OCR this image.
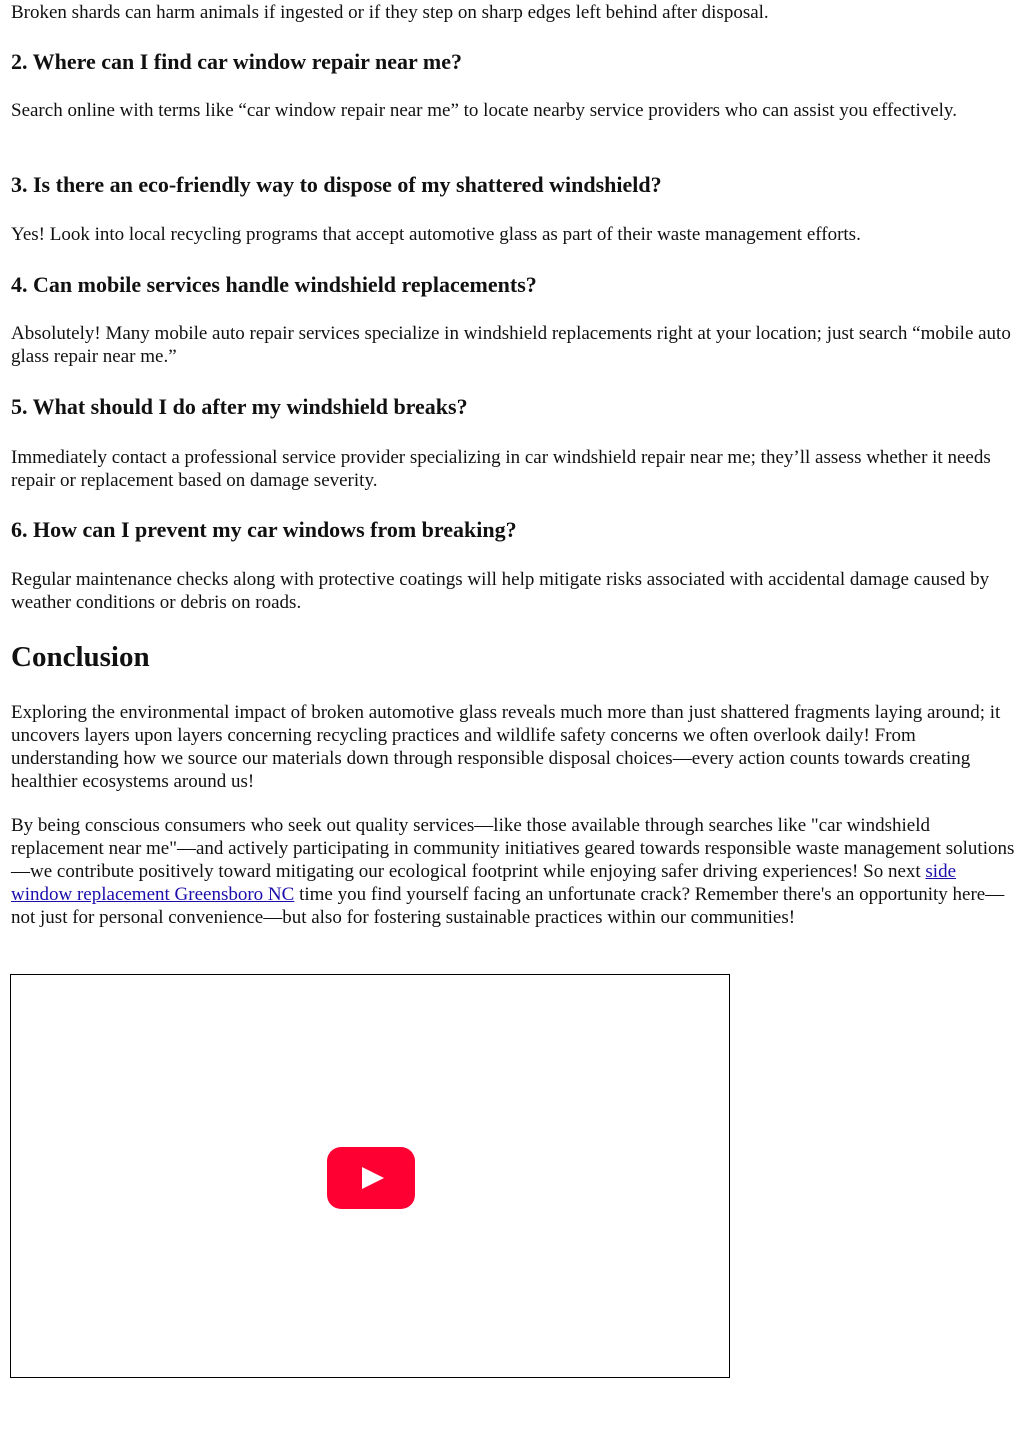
Broken shards can harm animals if ingested or if they step on sharp edges left behind after disposal.

2. Where can I find car window repair near me?

Search online with terms like “car window repair near me” to locate nearby service providers who can assist you effectively.

3. Is there an eco-friendly way to dispose of my shattered windshield?

Yes! Look into local recycling programs that accept automotive glass as part of their waste management efforts.

4. Can mobile services handle windshield replacements?

Absolutely! Many mobile auto repair services specialize in windshield replacements right at your location; just search “mobile auto glass repair near me.”

5. What should I do after my windshield breaks?

Immediately contact a professional service provider specializing in car windshield repair near me; they’ll assess whether it needs repair or replacement based on damage severity.

6. How can I prevent my car windows from breaking?

Regular maintenance checks along with protective coatings will help mitigate risks associated with accidental damage caused by weather conditions or debris on roads.

Conclusion

Exploring the environmental impact of broken automotive glass reveals much more than just shattered fragments laying around; it uncovers layers upon layers concerning recycling practices and wildlife safety concerns we often overlook daily! From understanding how we source our materials down through responsible disposal choices—every action counts towards creating healthier ecosystems around us!

By being conscious consumers who seek out quality services—like those available through searches like "car windshield replacement near me"—and actively participating in community initiatives geared towards responsible waste management solutions—we contribute positively toward mitigating our ecological footprint while enjoying safer driving experiences! So next side window replacement Greensboro NC time you find yourself facing an unfortunate crack? Remember there's an opportunity here—not just for personal convenience—but also for fostering sustainable practices within our communities!
